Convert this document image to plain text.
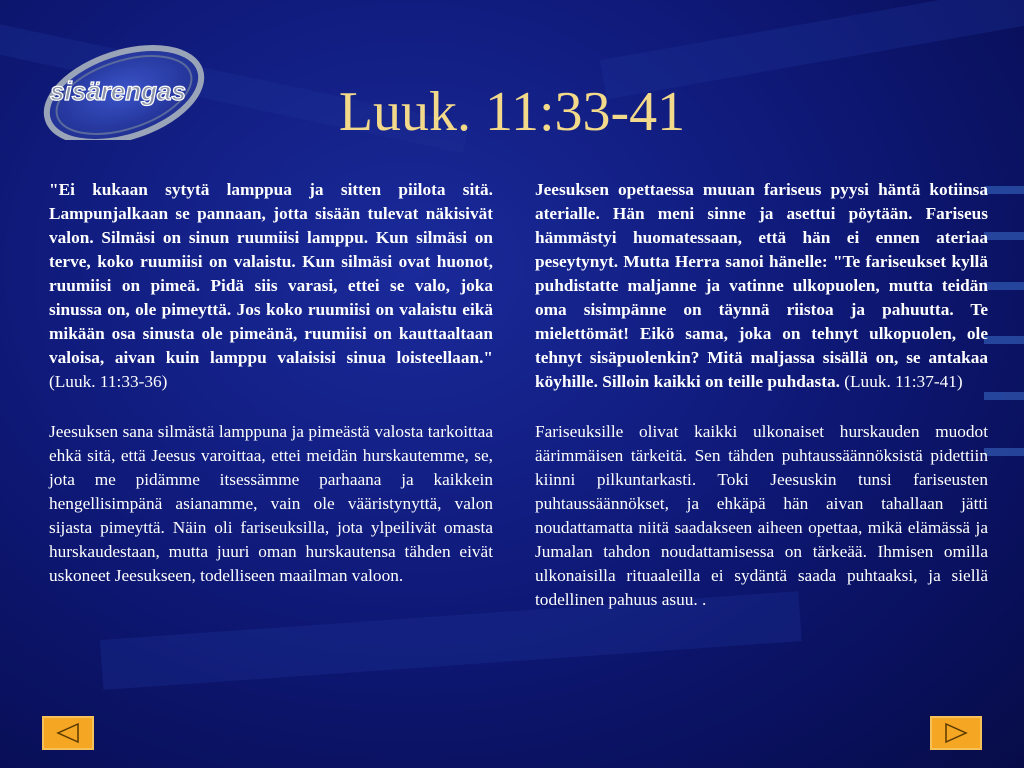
sisärengas	Luuk. 11:33-41

"Ei kukaan sytytä lamppua ja sitten piilota sitä. Lampunjalkaan se pannaan, jotta sisään tulevat näkisivät valon. Silmäsi on sinun ruumiisi lamppu. Kun silmäsi on terve, koko ruumiisi on valaistu. Kun silmäsi ovat huonot, ruumiisi on pimeä. Pidä siis varasi, ettei se valo, joka sinussa on, ole pimeyttä. Jos koko ruumiisi on valaistu eikä mikään osa sinusta ole pimeänä, ruumiisi on kauttaaltaan valoisa, aivan kuin lamppu valaisisi sinua loisteellaan." (Luuk. 11:33-36)

Jeesuksen sana silmästä lamppuna ja pimeästä valosta tarkoittaa ehkä sitä, että Jeesus varoittaa, ettei meidän hurskautemme, se, jota me pidämme itsessämme parhaana ja kaikkein hengellisimpänä asianamme, vain ole vääristynyttä, valon sijasta pimeyttä. Näin oli fariseuksilla, jota ylpeilivät omasta hurskaudestaan, mutta juuri oman hurskautensa tähden eivät uskoneet Jeesukseen, todelliseen maailman valoon.

Jeesuksen opettaessa muuan fariseus pyysi häntä kotiinsa aterialle. Hän meni sinne ja asettui pöytään. Fariseus hämmästyi huomatessaan, että hän ei ennen ateriaa peseytynyt. Mutta Herra sanoi hänelle: "Te fariseukset kyllä puhdistatte maljanne ja vatinne ulkopuolen, mutta teidän oma sisimpänne on täynnä riistoa ja pahuutta. Te mielettömät! Eikö sama, joka on tehnyt ulkopuolen, ole tehnyt sisäpuolenkin? Mitä maljassa sisällä on, se antakaa köyhille. Silloin kaikki on teille puhdasta. (Luuk. 11:37-41)

Fariseuksille olivat kaikki ulkonaiset hurskauden muodot äärimmäisen tärkeitä. Sen tähden puhtaussäännöksistä pidettiin kiinni pilkuntarkasti. Toki Jeesuskin tunsi fariseusten puhtaussäännökset, ja ehkäpä hän aivan tahallaan jätti noudattamatta niitä saadakseen aiheen opettaa, mikä elämässä ja Jumalan tahdon noudattamisessa on tärkeää. Ihmisen omilla ulkonaisilla rituaaleilla ei sydäntä saada puhtaaksi, ja siellä todellinen pahuus asuu. .
